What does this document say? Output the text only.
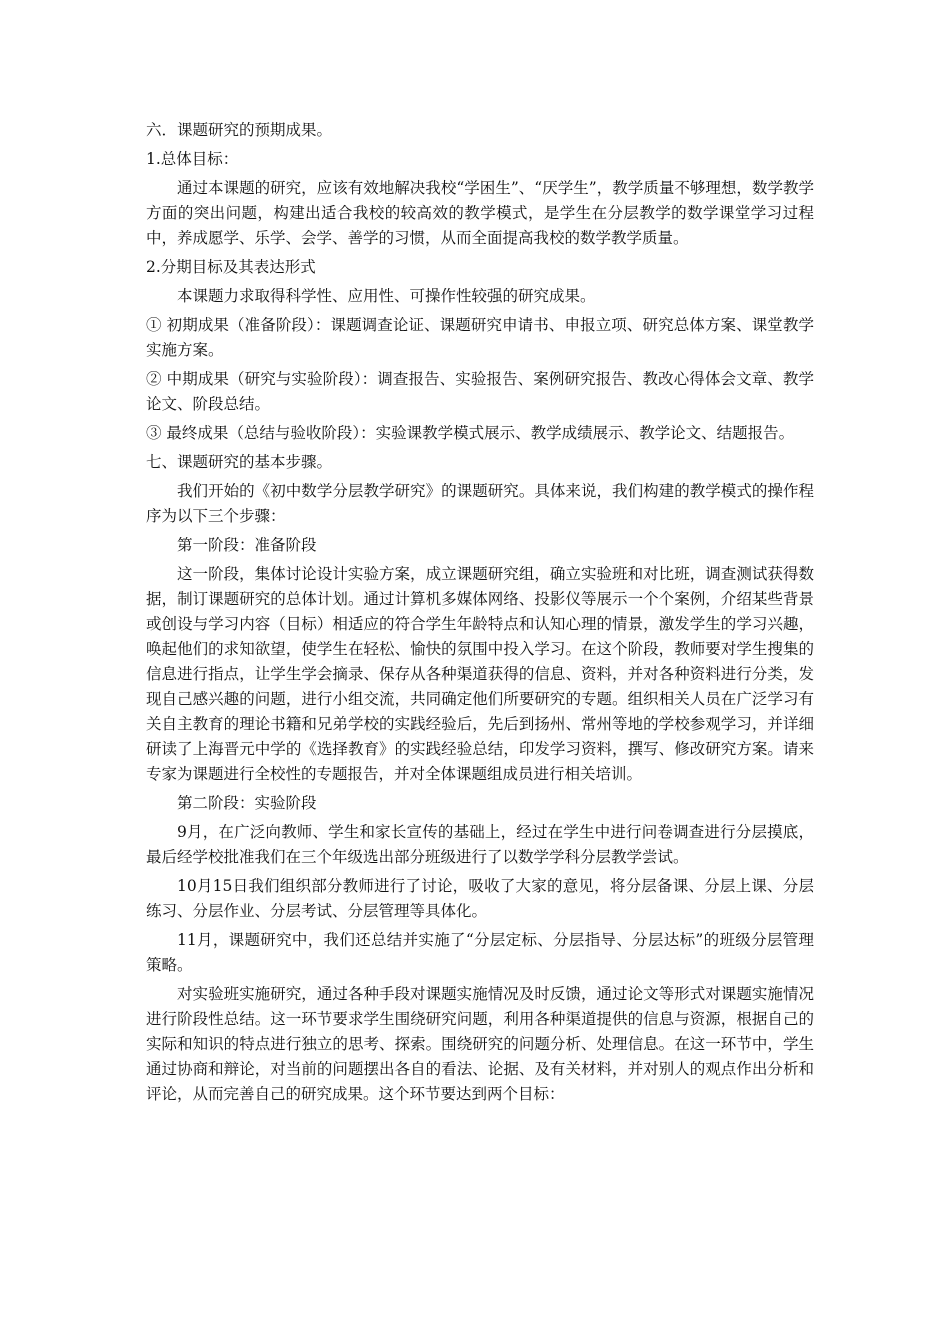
六．课题研究的预期成果。

1.总体目标：

通过本课题的研究，应该有效地解决我校“学困生”、“厌学生”，教学质量不够理想，数学教学方面的突出问题，构建出适合我校的较高效的教学模式，是学生在分层教学的数学课堂学习过程中，养成愿学、乐学、会学、善学的习惯，从而全面提高我校的数学教学质量。

2.分期目标及其表达形式

本课题力求取得科学性、应用性、可操作性较强的研究成果。

① 初期成果（准备阶段）：课题调查论证、课题研究申请书、申报立项、研究总体方案、课堂教学实施方案。

② 中期成果（研究与实验阶段）：调查报告、实验报告、案例研究报告、教改心得体会文章、教学论文、阶段总结。

③ 最终成果（总结与验收阶段）：实验课教学模式展示、教学成绩展示、教学论文、结题报告。

七、课题研究的基本步骤。

我们开始的《初中数学分层教学研究》的课题研究。具体来说，我们构建的教学模式的操作程序为以下三个步骤：

第一阶段：准备阶段

这一阶段，集体讨论设计实验方案，成立课题研究组，确立实验班和对比班，调查测试获得数据，制订课题研究的总体计划。通过计算机多媒体网络、投影仪等展示一个个案例，介绍某些背景或创设与学习内容（目标）相适应的符合学生年龄特点和认知心理的情景，激发学生的学习兴趣，唤起他们的求知欲望，使学生在轻松、愉快的氛围中投入学习。在这个阶段，教师要对学生搜集的信息进行指点，让学生学会摘录、保存从各种渠道获得的信息、资料，并对各种资料进行分类，发现自己感兴趣的问题，进行小组交流，共同确定他们所要研究的专题。组织相关人员在广泛学习有关自主教育的理论书籍和兄弟学校的实践经验后，先后到扬州、常州等地的学校参观学习，并详细研读了上海晋元中学的《选择教育》的实践经验总结，印发学习资料，撰写、修改研究方案。请来专家为课题进行全校性的专题报告，并对全体课题组成员进行相关培训。

第二阶段：实验阶段

9月，在广泛向教师、学生和家长宣传的基础上，经过在学生中进行问卷调查进行分层摸底，最后经学校批准我们在三个年级选出部分班级进行了以数学学科分层教学尝试。

10月15日我们组织部分教师进行了讨论，吸收了大家的意见，将分层备课、分层上课、分层练习、分层作业、分层考试、分层管理等具体化。

11月，课题研究中，我们还总结并实施了“分层定标、分层指导、分层达标”的班级分层管理策略。

对实验班实施研究，通过各种手段对课题实施情况及时反馈，通过论文等形式对课题实施情况进行阶段性总结。这一环节要求学生围绕研究问题，利用各种渠道提供的信息与资源，根据自己的实际和知识的特点进行独立的思考、探索。围绕研究的问题分析、处理信息。在这一环节中，学生通过协商和辩论，对当前的问题摆出各自的看法、论据、及有关材料，并对别人的观点作出分析和评论，从而完善自己的研究成果。这个环节要达到两个目标：
